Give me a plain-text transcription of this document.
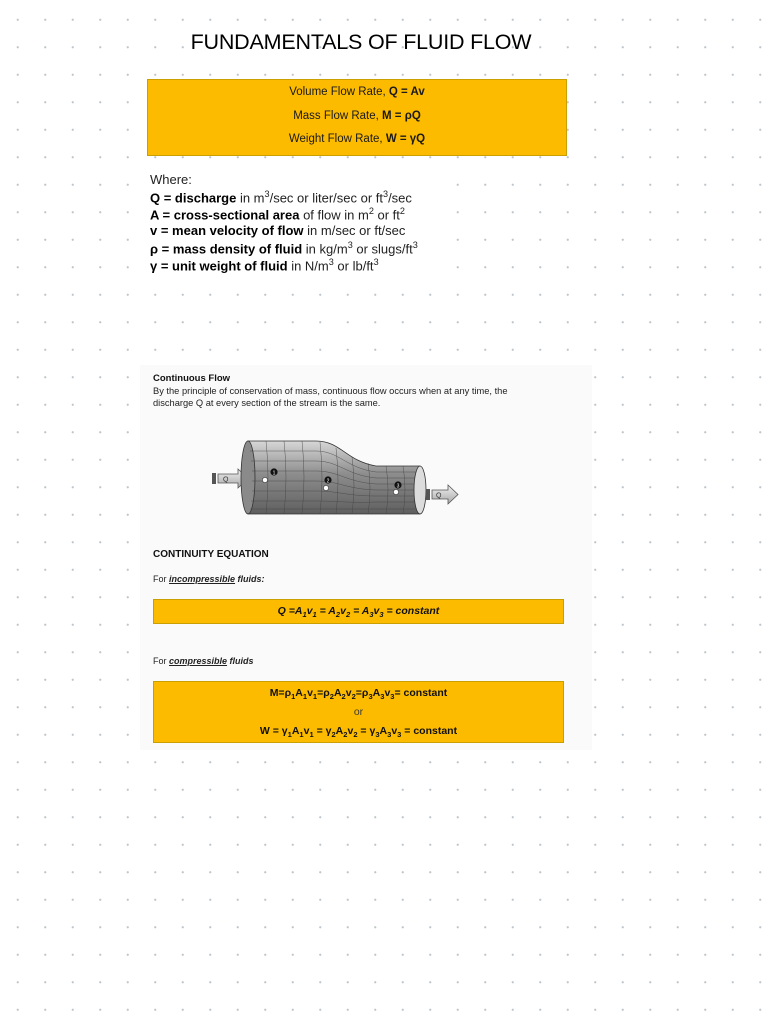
FUNDAMENTALS OF FLUID FLOW
Volume Flow Rate, Q = Av
Mass Flow Rate, M = ρQ
Weight Flow Rate, W = γQ
Where:
Q = discharge in $m^3/\sec$ or liter/sec or $ft^3/\sec$
A = cross-sectional area of flow in $m^2$ or $ft^2$
v = mean velocity of flow in m/sec or ft/sec
ρ = mass density of fluid in $kg/m^3$ or slugs/$ft^3$
γ = unit weight of fluid in $N/m^3$ or $lb/ft^3$
Continuous Flow
By the principle of conservation of mass, continuous flow occurs when at any time, the discharge Q at every section of the stream is the same.
Q
1
2
3
Q
CONTINUITY EQUATION
For incompressible fluids:
$Q =A_1v_1 = A_2v_2 = A_3v_3$ = constant
For compressible fluids
$M=\rho_1A_1v_1=\rho_2A_2v_2=\rho_3A_3v_3=$ constant
or
$W = \gamma_1A_1v_1 = \gamma_2A_2v_2 = \gamma_3A_3v_3$ = constant
